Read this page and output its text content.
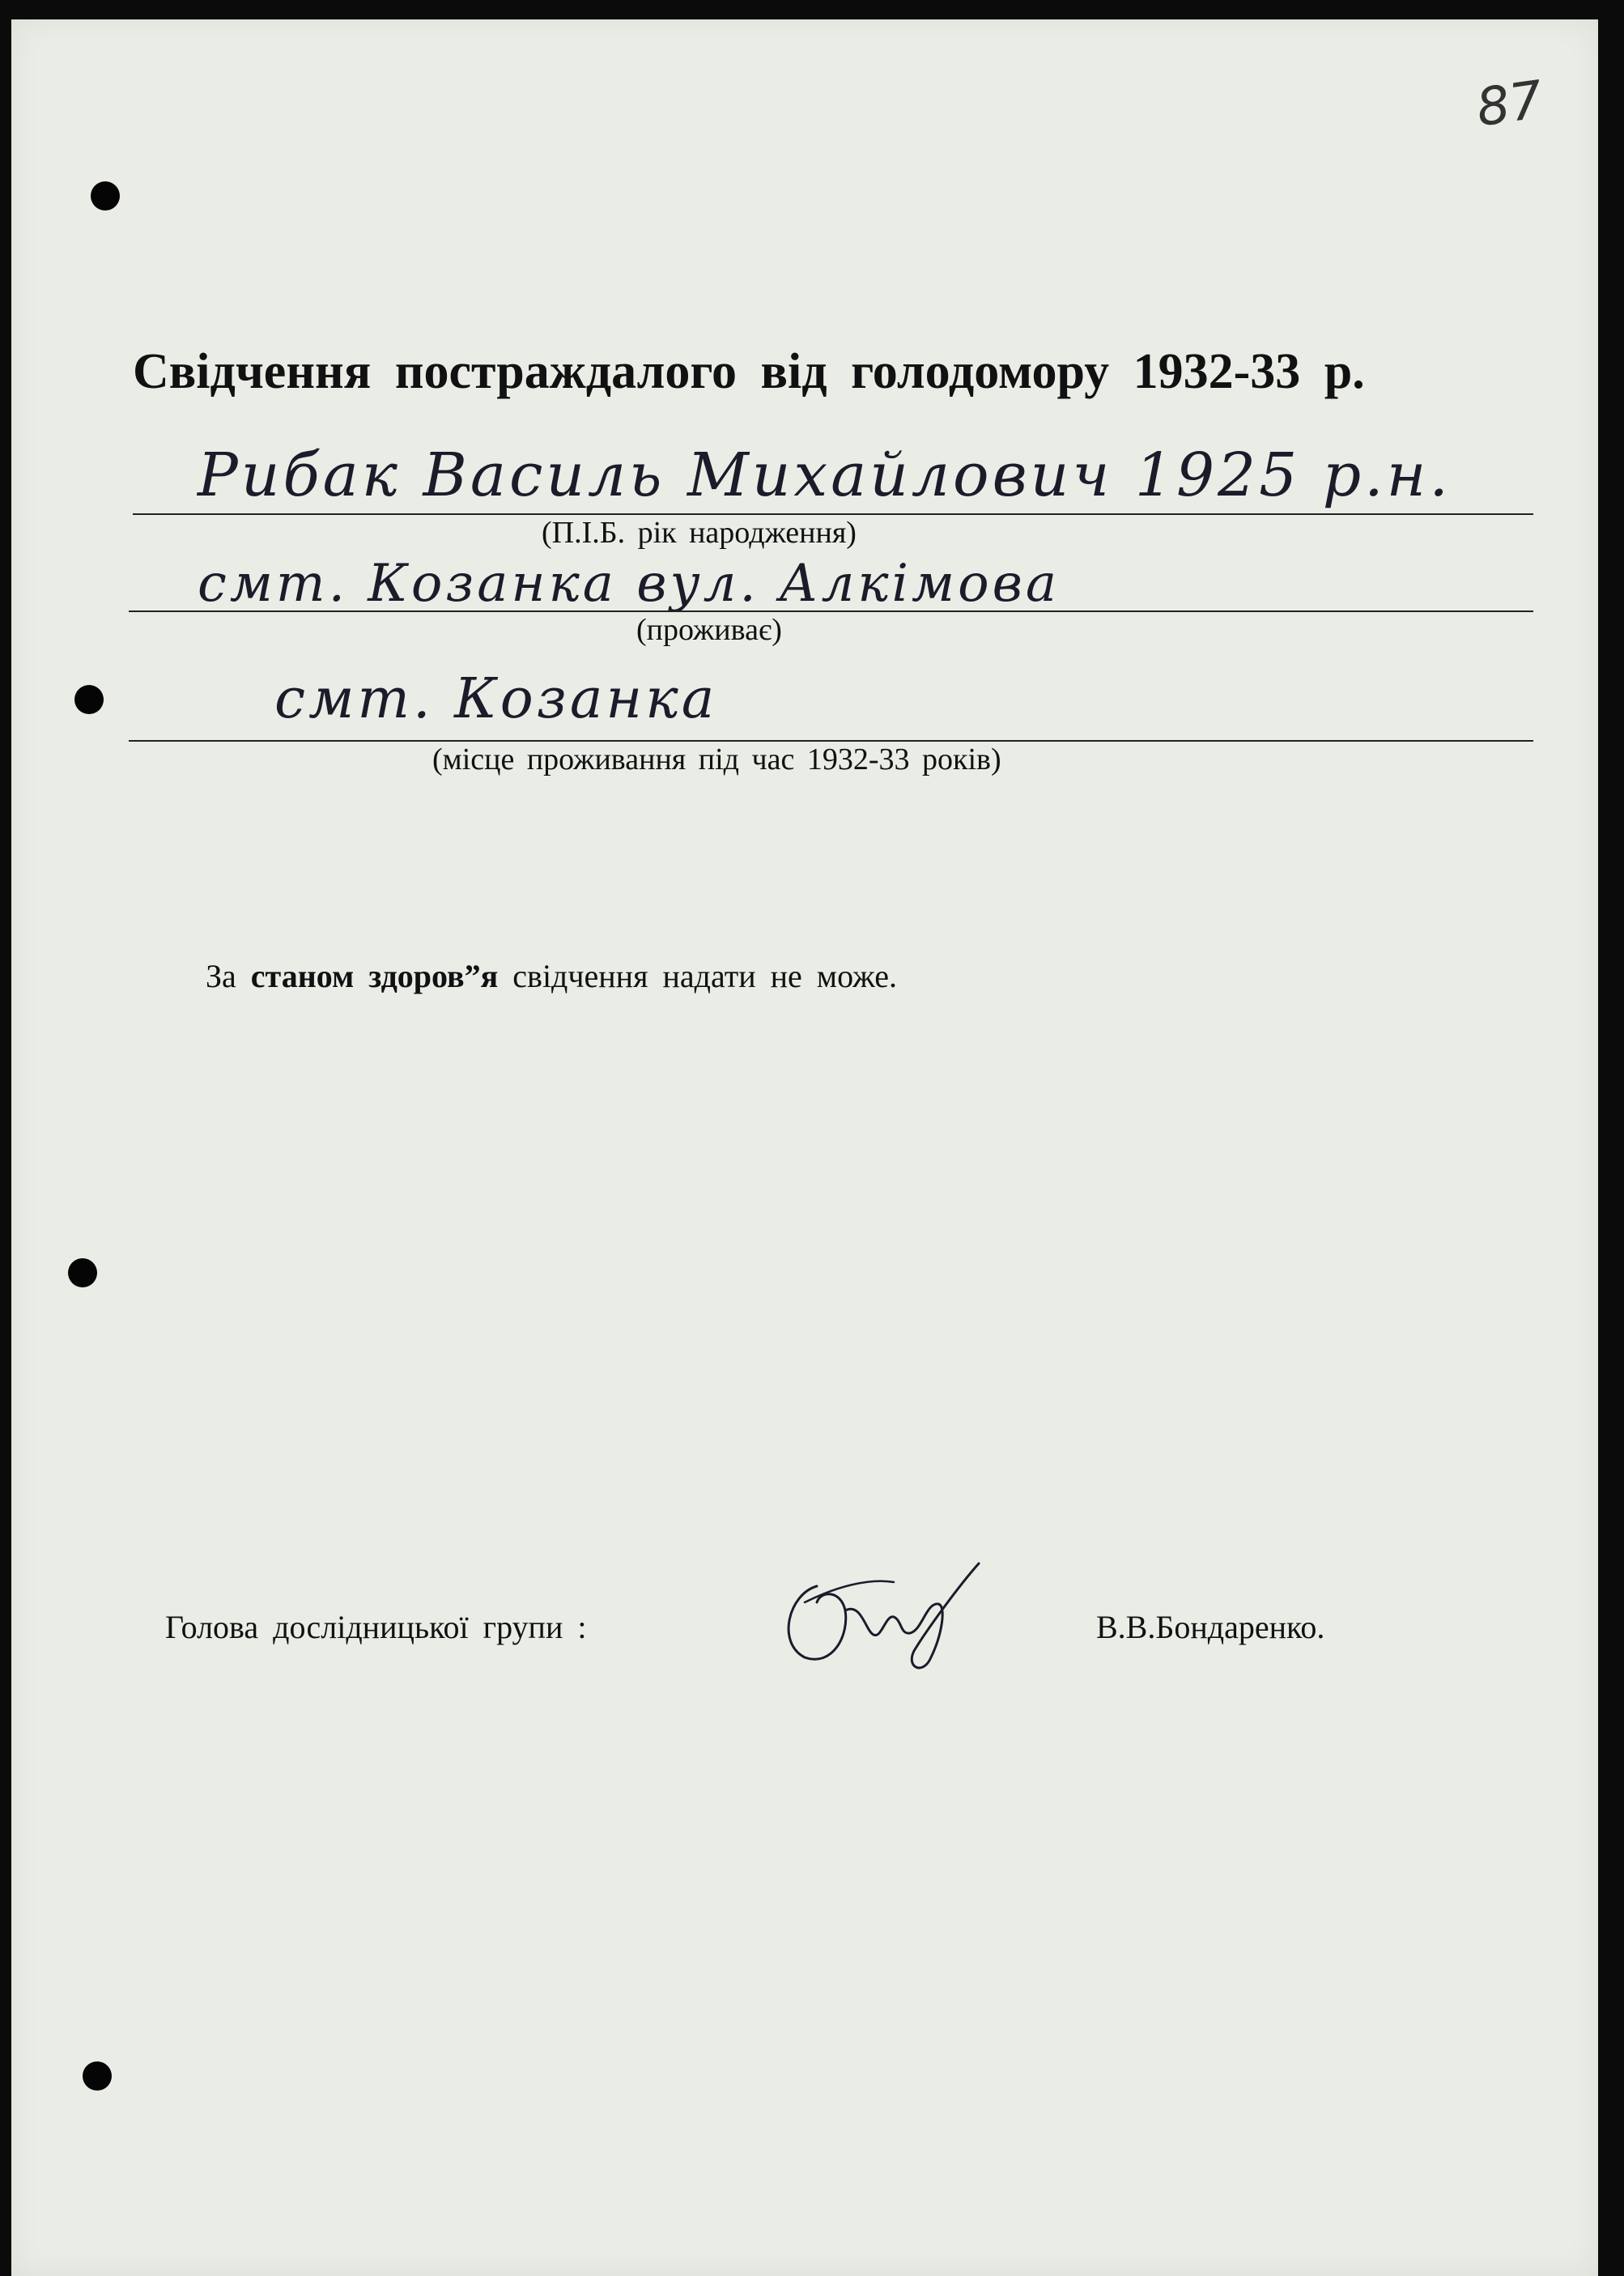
87
Свідчення постраждалого від голодомору 1932-33 р.
Рибак Василь Михайлович 1925 р.н.
(П.І.Б. рік народження)
смт. Козанка вул. Алкімова
(проживає)
смт. Козанка
(місце проживання під час 1932-33 років)
За станом здоров”я свідчення надати не може.
Голова дослідницької групи :	В.В.Бондаренко.
